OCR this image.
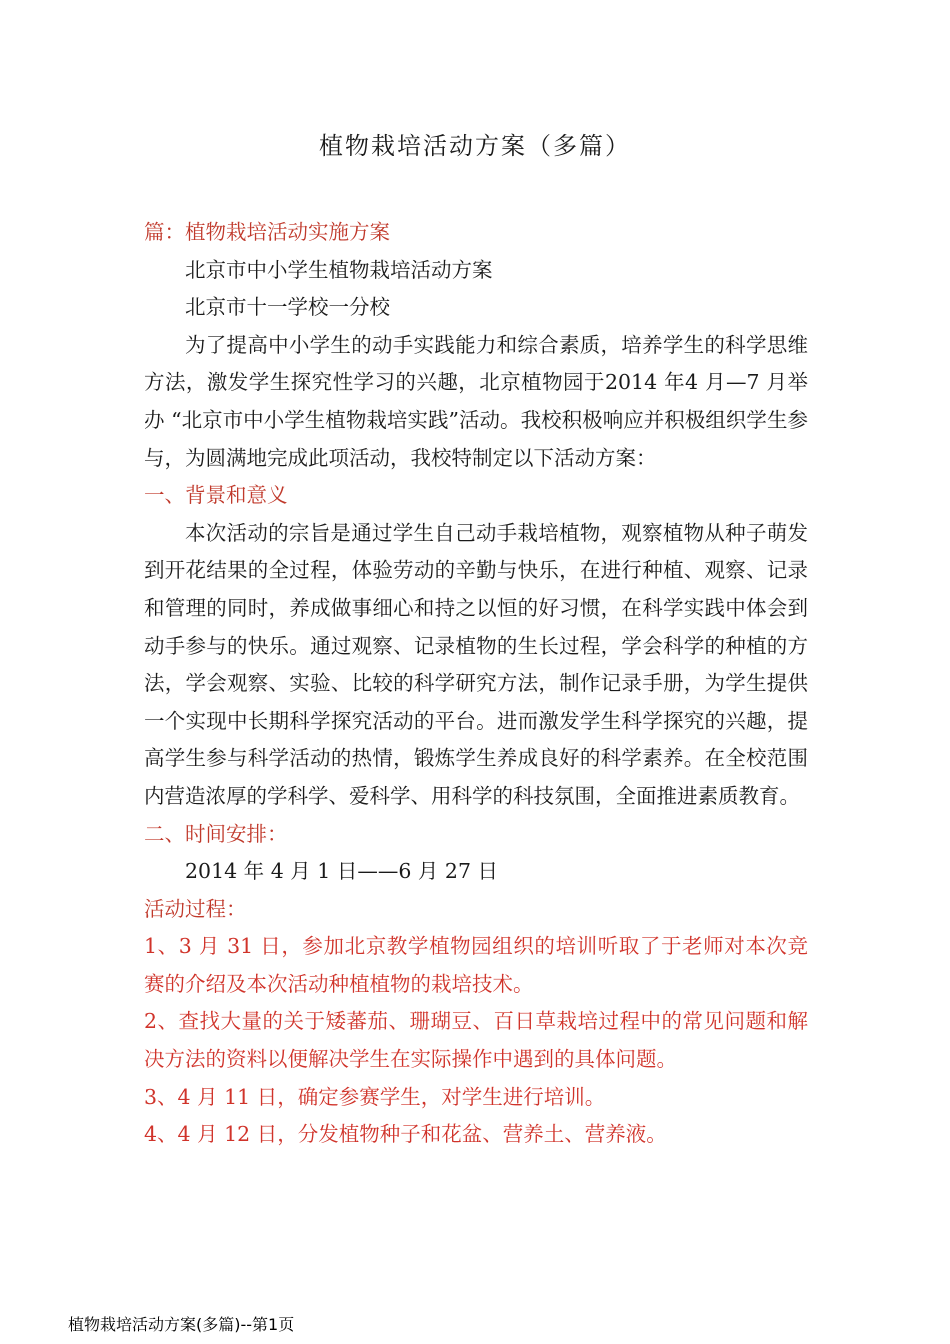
植物栽培活动方案（多篇）

篇：植物栽培活动实施方案

北京市中小学生植物栽培活动方案

北京市十一学校一分校

为了提高中小学生的动手实践能力和综合素质，培养学生的科学思维方法，激发学生探究性学习的兴趣，北京植物园于2014 年4 月—7 月举办 “北京市中小学生植物栽培实践”活动。我校积极响应并积极组织学生参与，为圆满地完成此项活动，我校特制定以下活动方案：

一、背景和意义

本次活动的宗旨是通过学生自己动手栽培植物，观察植物从种子萌发到开花结果的全过程，体验劳动的辛勤与快乐，在进行种植、观察、记录和管理的同时，养成做事细心和持之以恒的好习惯，在科学实践中体会到动手参与的快乐。通过观察、记录植物的生长过程，学会科学的种植的方法，学会观察、实验、比较的科学研究方法，制作记录手册，为学生提供一个实现中长期科学探究活动的平台。进而激发学生科学探究的兴趣，提高学生参与科学活动的热情，锻炼学生养成良好的科学素养。在全校范围内营造浓厚的学科学、爱科学、用科学的科技氛围，全面推进素质教育。

二、时间安排：

2014 年 4 月 1 日——6 月 27 日

活动过程：

1、3 月 31 日，参加北京教学植物园组织的培训听取了于老师对本次竞赛的介绍及本次活动种植植物的栽培技术。

2、查找大量的关于矮蕃茄、珊瑚豆、百日草栽培过程中的常见问题和解决方法的资料以便解决学生在实际操作中遇到的具体问题。

3、4 月 11 日，确定参赛学生，对学生进行培训。

4、4 月 12 日，分发植物种子和花盆、营养土、营养液。

植物栽培活动方案(多篇)--第1页
